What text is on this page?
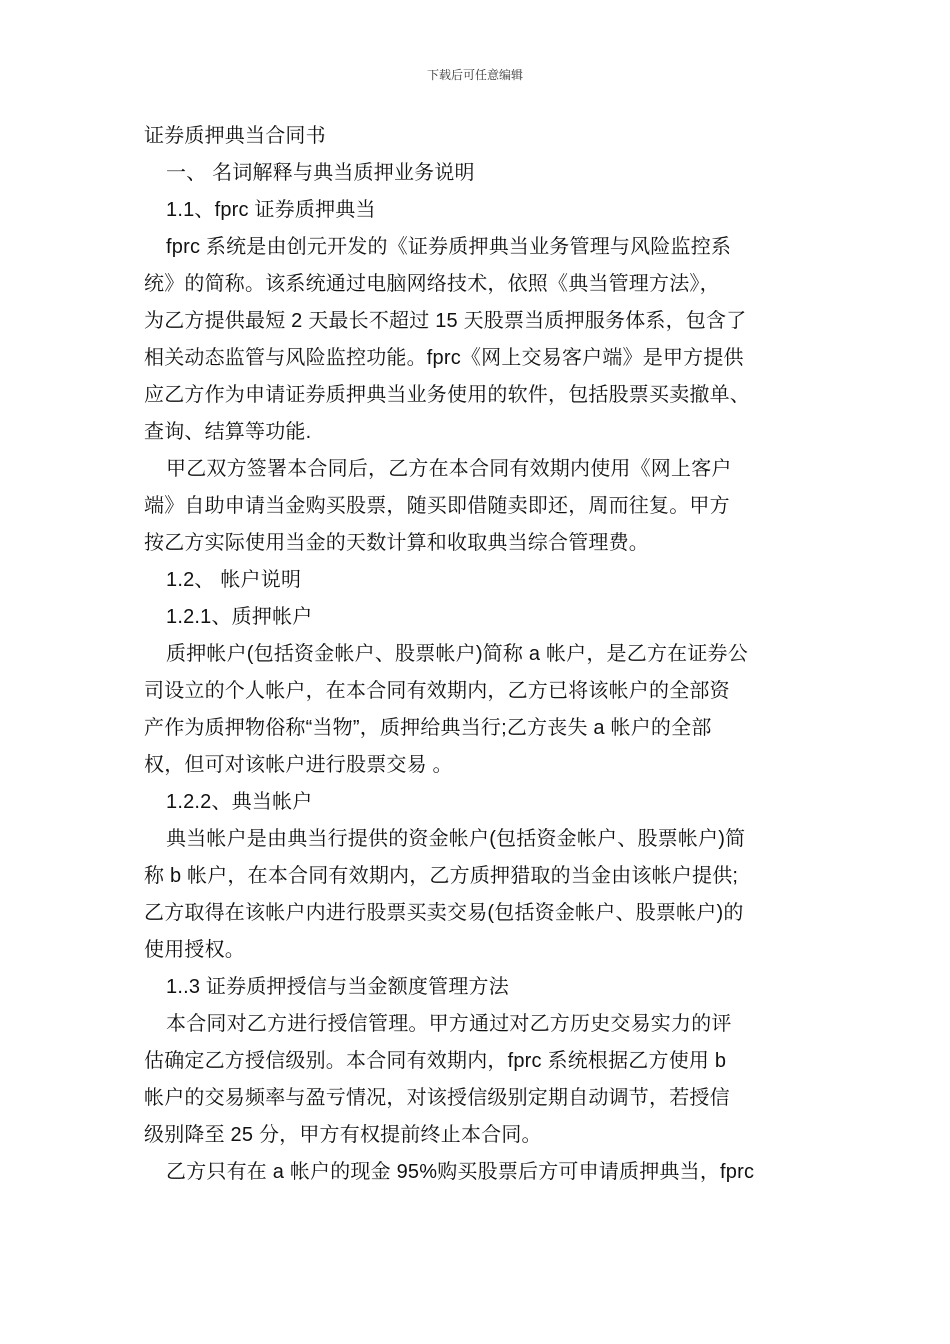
下载后可任意编辑
证券质押典当合同书
一、 名词解释与典当质押业务说明
1.1、fprc 证券质押典当
fprc 系统是由创元开发的《证券质押典当业务管理与风险监控系
统》的简称。该系统通过电脑网络技术，依照《典当管理方法》，
为乙方提供最短 2 天最长不超过 15 天股票当质押服务体系，包含了
相关动态监管与风险监控功能。fprc《网上交易客户端》是甲方提供
应乙方作为申请证券质押典当业务使用的软件，包括股票买卖撤单、
查询、结算等功能.
甲乙双方签署本合同后，乙方在本合同有效期内使用《网上客户
端》自助申请当金购买股票，随买即借随卖即还，周而往复。甲方
按乙方实际使用当金的天数计算和收取典当综合管理费。
1.2、 帐户说明
1.2.1、质押帐户
质押帐户(包括资金帐户、股票帐户)简称 a 帐户，是乙方在证券公
司设立的个人帐户，在本合同有效期内，乙方已将该帐户的全部资
产作为质押物俗称“当物”，质押给典当行;乙方丧失 a 帐户的全部
权，但可对该帐户进行股票交易 。
1.2.2、典当帐户
典当帐户是由典当行提供的资金帐户(包括资金帐户、股票帐户)简
称 b 帐户，在本合同有效期内，乙方质押猎取的当金由该帐户提供;
乙方取得在该帐户内进行股票买卖交易(包括资金帐户、股票帐户)的
使用授权。
1..3 证券质押授信与当金额度管理方法
本合同对乙方进行授信管理。甲方通过对乙方历史交易实力的评
估确定乙方授信级别。本合同有效期内，fprc 系统根据乙方使用 b
帐户的交易频率与盈亏情况，对该授信级别定期自动调节，若授信
级别降至 25 分，甲方有权提前终止本合同。
乙方只有在 a 帐户的现金 95%购买股票后方可申请质押典当，fprc
